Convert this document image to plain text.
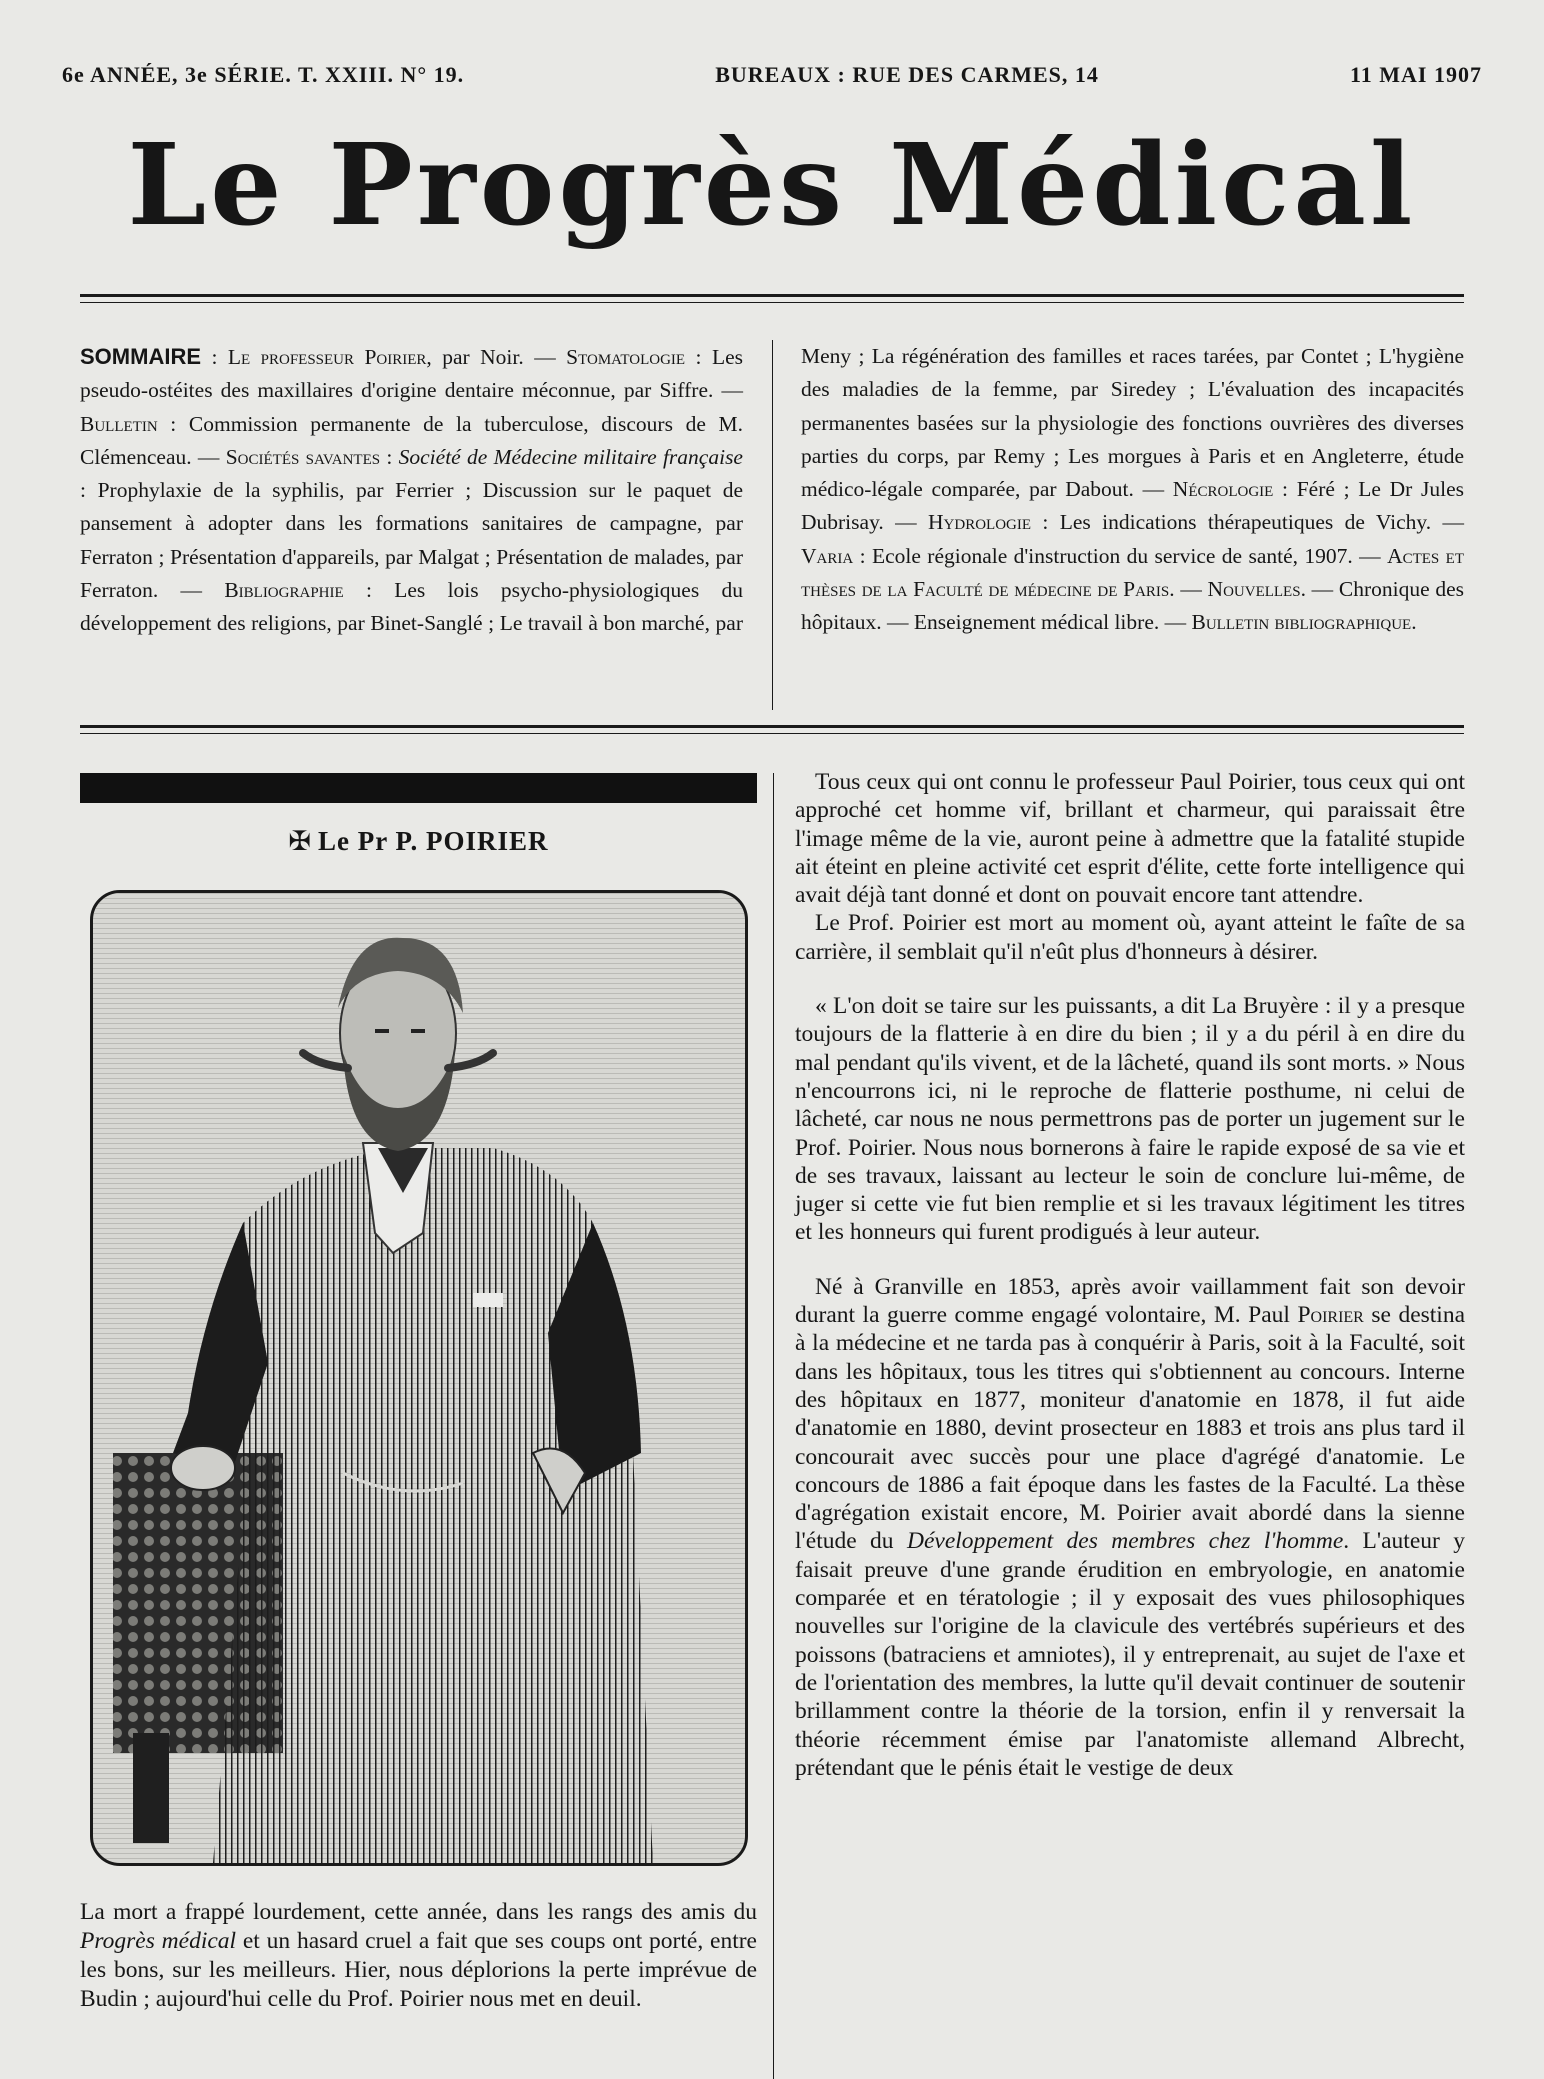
6e ANNÉE, 3e SÉRIE. T. XXIII. N° 19.	BUREAUX : RUE DES CARMES, 14	11 MAI 1907
Le Progrès Médical
SOMMAIRE : Le professeur Poirier, par Noir. — Stomatologie : Les pseudo-ostéites des maxillaires d'origine dentaire méconnue, par Siffre. — Bulletin : Commission permanente de la tuberculose, discours de M. Clémenceau. — Sociétés savantes : Société de Médecine militaire française : Prophylaxie de la syphilis, par Ferrier ; Discussion sur le paquet de pansement à adopter dans les formations sanitaires de campagne, par Ferraton ; Présentation d'appareils, par Malgat ; Présentation de malades, par Ferraton. — Bibliographie : Les lois psycho-physiologiques du développement des religions, par Binet-Sanglé ; Le travail à bon marché, par Meny ; La régénération des familles et races tarées, par Contet ; L'hygiène des maladies de la femme, par Siredey ; L'évaluation des incapacités permanentes basées sur la physiologie des fonctions ouvrières des diverses parties du corps, par Remy ; Les morgues à Paris et en Angleterre, étude médico-légale comparée, par Dabout. — Nécrologie : Féré ; Le Dr Jules Dubrisay. — Hydrologie : Les indications thérapeutiques de Vichy. — Varia : Ecole régionale d'instruction du service de santé, 1907. — Actes et thèses de la Faculté de médecine de Paris. — Nouvelles. — Chronique des hôpitaux. — Enseignement médical libre. — Bulletin bibliographique.
✠ Le Pr P. POIRIER
La mort a frappé lourdement, cette année, dans les rangs des amis du Progrès médical et un hasard cruel a fait que ses coups ont porté, entre les bons, sur les meilleurs. Hier, nous déplorions la perte imprévue de Budin ; aujourd'hui celle du Prof. Poirier nous met en deuil.

Tous ceux qui ont connu le professeur Paul Poirier, tous ceux qui ont approché cet homme vif, brillant et charmeur, qui paraissait être l'image même de la vie, auront peine à admettre que la fatalité stupide ait éteint en pleine activité cet esprit d'élite, cette forte intelligence qui avait déjà tant donné et dont on pouvait encore tant attendre.

Le Prof. Poirier est mort au moment où, ayant atteint le faîte de sa carrière, il semblait qu'il n'eût plus d'honneurs à désirer.

« L'on doit se taire sur les puissants, a dit La Bruyère : il y a presque toujours de la flatterie à en dire du bien ; il y a du péril à en dire du mal pendant qu'ils vivent, et de la lâcheté, quand ils sont morts. » Nous n'encourrons ici, ni le reproche de flatterie posthume, ni celui de lâcheté, car nous ne nous permettrons pas de porter un jugement sur le Prof. Poirier. Nous nous bornerons à faire le rapide exposé de sa vie et de ses travaux, laissant au lecteur le soin de conclure lui-même, de juger si cette vie fut bien remplie et si les travaux légitiment les titres et les honneurs qui furent prodigués à leur auteur.

Né à Granville en 1853, après avoir vaillamment fait son devoir durant la guerre comme engagé volontaire, M. Paul Poirier se destina à la médecine et ne tarda pas à conquérir à Paris, soit à la Faculté, soit dans les hôpitaux, tous les titres qui s'obtiennent au concours. Interne des hôpitaux en 1877, moniteur d'anatomie en 1878, il fut aide d'anatomie en 1880, devint prosecteur en 1883 et trois ans plus tard il concourait avec succès pour une place d'agrégé d'anatomie. Le concours de 1886 a fait époque dans les fastes de la Faculté. La thèse d'agrégation existait encore, M. Poirier avait abordé dans la sienne l'étude du Développement des membres chez l'homme. L'auteur y faisait preuve d'une grande érudition en embryologie, en anatomie comparée et en tératologie ; il y exposait des vues philosophiques nouvelles sur l'origine de la clavicule des vertébrés supérieurs et des poissons (batraciens et amniotes), il y entreprenait, au sujet de l'axe et de l'orientation des membres, la lutte qu'il devait continuer de soutenir brillamment contre la théorie de la torsion, enfin il y renversait la théorie récemment émise par l'anatomiste allemand Albrecht, prétendant que le pénis était le vestige de deux
